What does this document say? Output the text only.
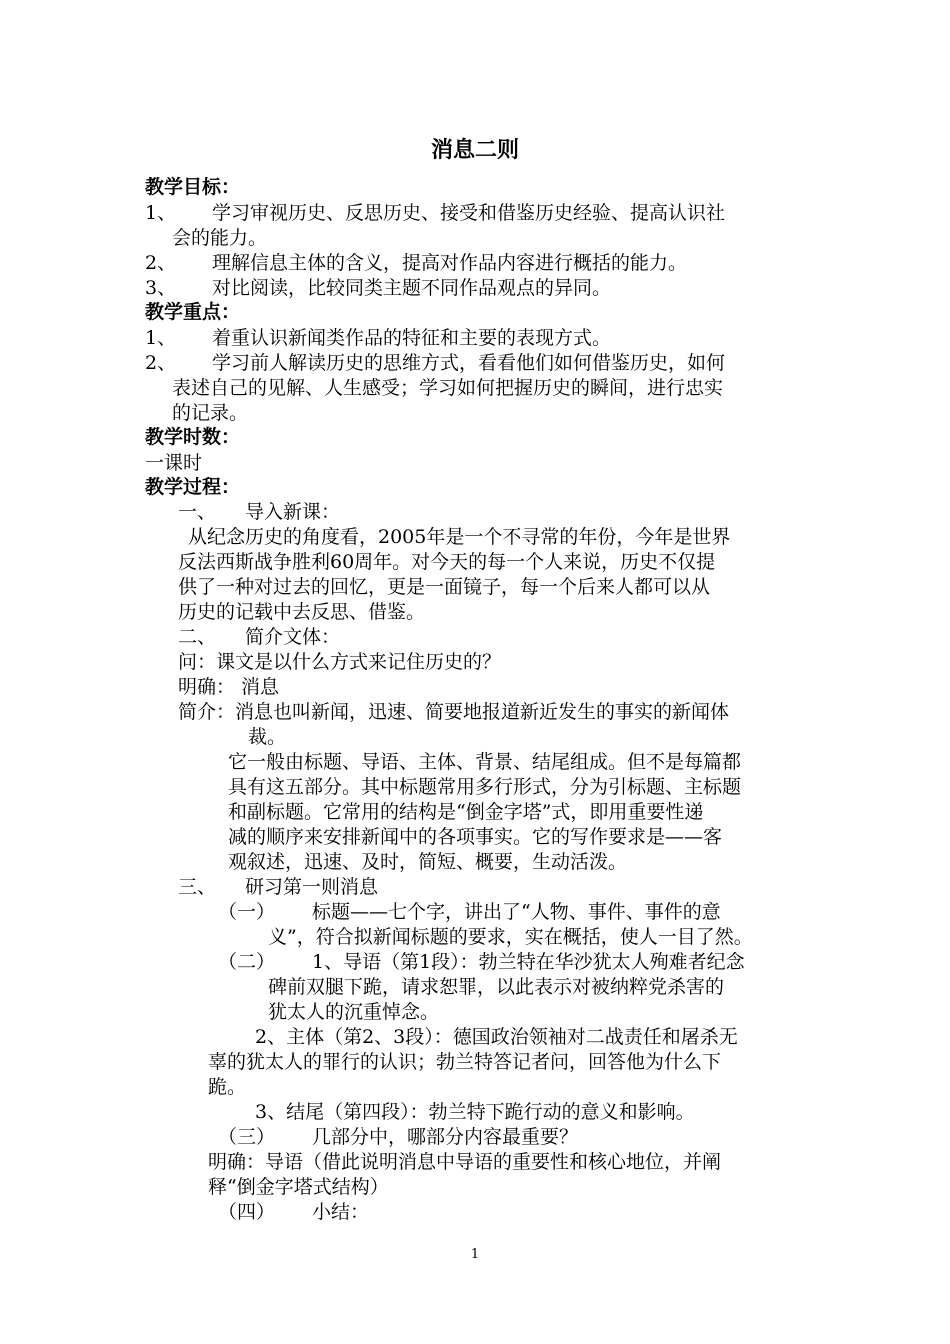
消息二则
教学目标：
1、 学习审视历史、反思历史、接受和借鉴历史经验、提高认识社
会的能力。
2、 理解信息主体的含义，提高对作品内容进行概括的能力。
3、 对比阅读，比较同类主题不同作品观点的异同。
教学重点：
1、 着重认识新闻类作品的特征和主要的表现方式。
2、 学习前人解读历史的思维方式，看看他们如何借鉴历史，如何
表述自己的见解、人生感受；学习如何把握历史的瞬间，进行忠实
的记录。
教学时数：
一课时
教学过程：
一、 导入新课：
从纪念历史的角度看，2005年是一个不寻常的年份，今年是世界
反法西斯战争胜利60周年。对今天的每一个人来说，历史不仅提
供了一种对过去的回忆，更是一面镜子，每一个后来人都可以从
历史的记载中去反思、借鉴。
二、 简介文体：
问：课文是以什么方式来记住历史的？
明确： 消息
简介：消息也叫新闻，迅速、简要地报道新近发生的事实的新闻体
裁。
它一般由标题、导语、主体、背景、结尾组成。但不是每篇都
具有这五部分。其中标题常用多行形式，分为引标题、主标题
和副标题。它常用的结构是“倒金字塔”式，即用重要性递
减的顺序来安排新闻中的各项事实。它的写作要求是——客
观叙述，迅速、及时，简短、概要，生动活泼。
三、 研习第一则消息
（一） 标题——七个字，讲出了“人物、事件、事件的意
义”，符合拟新闻标题的要求，实在概括，使人一目了然。
（二） 1、导语（第1段）：勃兰特在华沙犹太人殉难者纪念
碑前双腿下跪，请求恕罪，以此表示对被纳粹党杀害的
犹太人的沉重悼念。
2、主体（第2、3段）：德国政治领袖对二战责任和屠杀无
辜的犹太人的罪行的认识；勃兰特答记者问，回答他为什么下
跪。
3、结尾（第四段）：勃兰特下跪行动的意义和影响。
（三） 几部分中，哪部分内容最重要？
明确：导语（借此说明消息中导语的重要性和核心地位，并阐
释“倒金字塔式结构）
（四） 小结：
1
